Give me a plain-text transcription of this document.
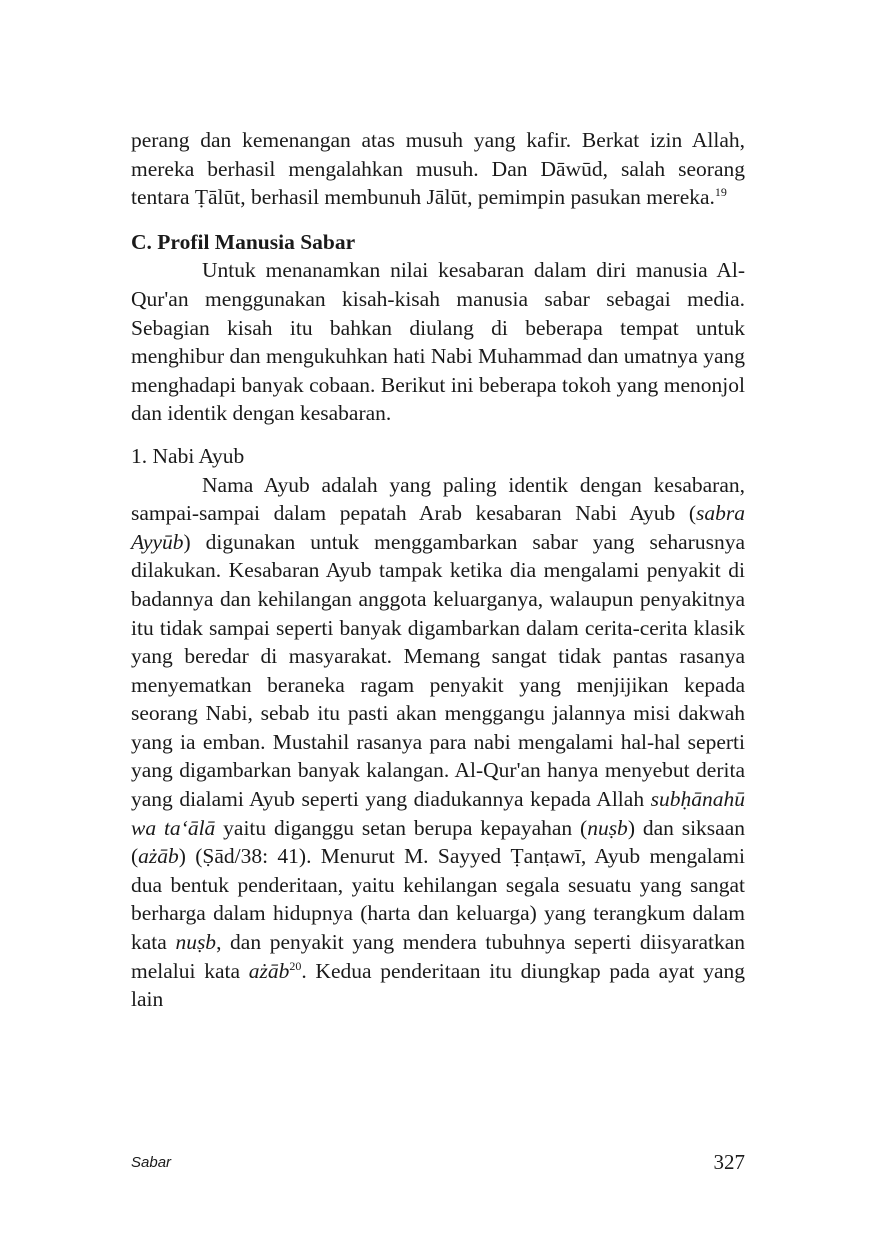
perang dan kemenangan atas musuh yang kafir. Berkat izin Allah, mereka berhasil mengalahkan musuh. Dan Dāwūd, salah seorang tentara Ṭālūt, berhasil membunuh Jālūt, pemimpin pasukan mereka.$^{19}$

C. Profil Manusia Sabar

Untuk menanamkan nilai kesabaran dalam diri manusia Al-Qur'an menggunakan kisah-kisah manusia sabar sebagai media. Sebagian kisah itu bahkan diulang di beberapa tempat untuk menghibur dan mengukuhkan hati Nabi Muhammad dan umatnya yang menghadapi banyak cobaan. Berikut ini beberapa tokoh yang menonjol dan identik dengan kesabaran.

1. Nabi Ayub

Nama Ayub adalah yang paling identik dengan kesabaran, sampai-sampai dalam pepatah Arab kesabaran Nabi Ayub (sabra Ayyūb) digunakan untuk menggambarkan sabar yang seharusnya dilakukan. Kesabaran Ayub tampak ketika dia mengalami penyakit di badannya dan kehilangan anggota keluarganya, walaupun penyakitnya itu tidak sampai seperti banyak digambarkan dalam cerita-cerita klasik yang beredar di masyarakat. Memang sangat tidak pantas rasanya menyematkan beraneka ragam penyakit yang menjijikan kepada seorang Nabi, sebab itu pasti akan menggangu jalannya misi dakwah yang ia emban. Mustahil rasanya para nabi mengalami hal-hal seperti yang digambarkan banyak kalangan. Al-Qur'an hanya menyebut derita yang dialami Ayub seperti yang diadukannya kepada Allah subḥānahū wa ta‘ālā yaitu diganggu setan berupa kepayahan (nuṣb) dan siksaan (ażāb) (Ṣād/38: 41). Menurut M. Sayyed Ṭanṭawī, Ayub mengalami dua bentuk penderitaan, yaitu kehilangan segala sesuatu yang sangat berharga dalam hidupnya (harta dan keluarga) yang terangkum dalam kata nuṣb, dan penyakit yang mendera tubuhnya seperti diisyaratkan melalui kata ażāb$^{20}$. Kedua penderitaan itu diungkap pada ayat yang lain

Sabar	327
